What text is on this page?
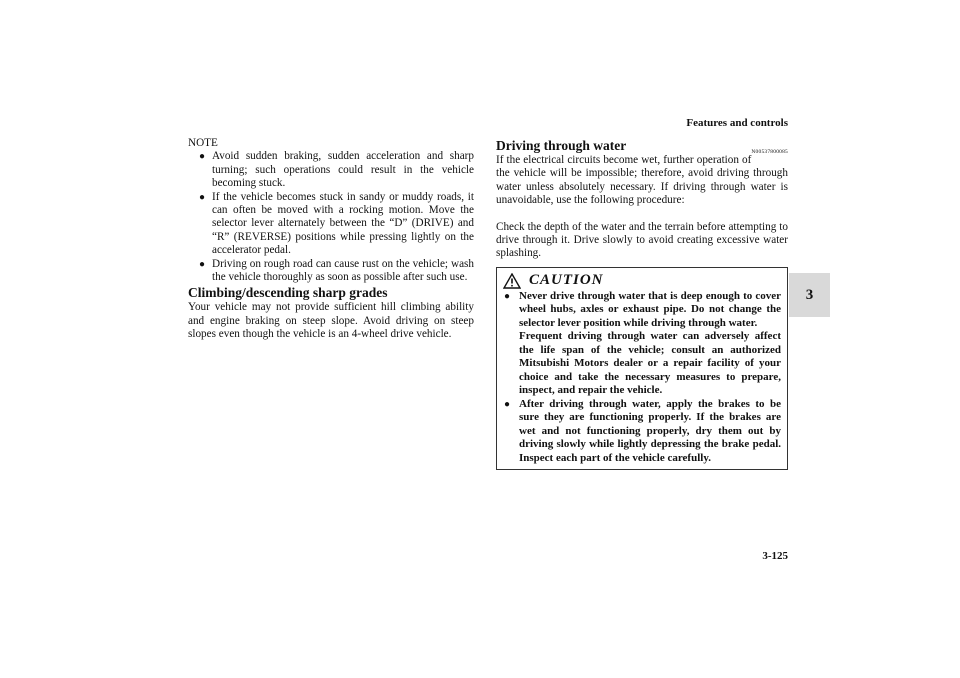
Features and controls
3
NOTE
● Avoid sudden braking, sudden acceleration and sharp turning; such operations could result in the vehicle becoming stuck.
● If the vehicle becomes stuck in sandy or muddy roads, it can often be moved with a rocking motion. Move the selector lever alternately between the “D” (DRIVE) and “R” (REVERSE) positions while pressing lightly on the accelerator pedal.
● Driving on rough road can cause rust on the vehicle; wash the vehicle thoroughly as soon as possible after such use.
Climbing/descending sharp grades

Your vehicle may not provide sufficient hill climbing ability and engine braking on steep slope. Avoid driving on steep slopes even though the vehicle is an 4-wheel drive vehicle.

N00537800085
Driving through water

If the electrical circuits become wet, further operation of the vehicle will be impossible; therefore, avoid driving through water unless absolutely necessary. If driving through water is unavoidable, use the following procedure:

Check the depth of the water and the terrain before attempting to drive through it. Drive slowly to avoid creating excessive water splashing.

CAUTION
● Never drive through water that is deep enough to cover wheel hubs, axles or exhaust pipe. Do not change the selector lever position while driving through water.
Frequent driving through water can adversely affect the life span of the vehicle; consult an authorized Mitsubishi Motors dealer or a repair facility of your choice and take the necessary measures to prepare, inspect, and repair the vehicle.
● After driving through water, apply the brakes to be sure they are functioning properly. If the brakes are wet and not functioning properly, dry them out by driving slowly while lightly depressing the brake pedal. Inspect each part of the vehicle carefully.
3-125
